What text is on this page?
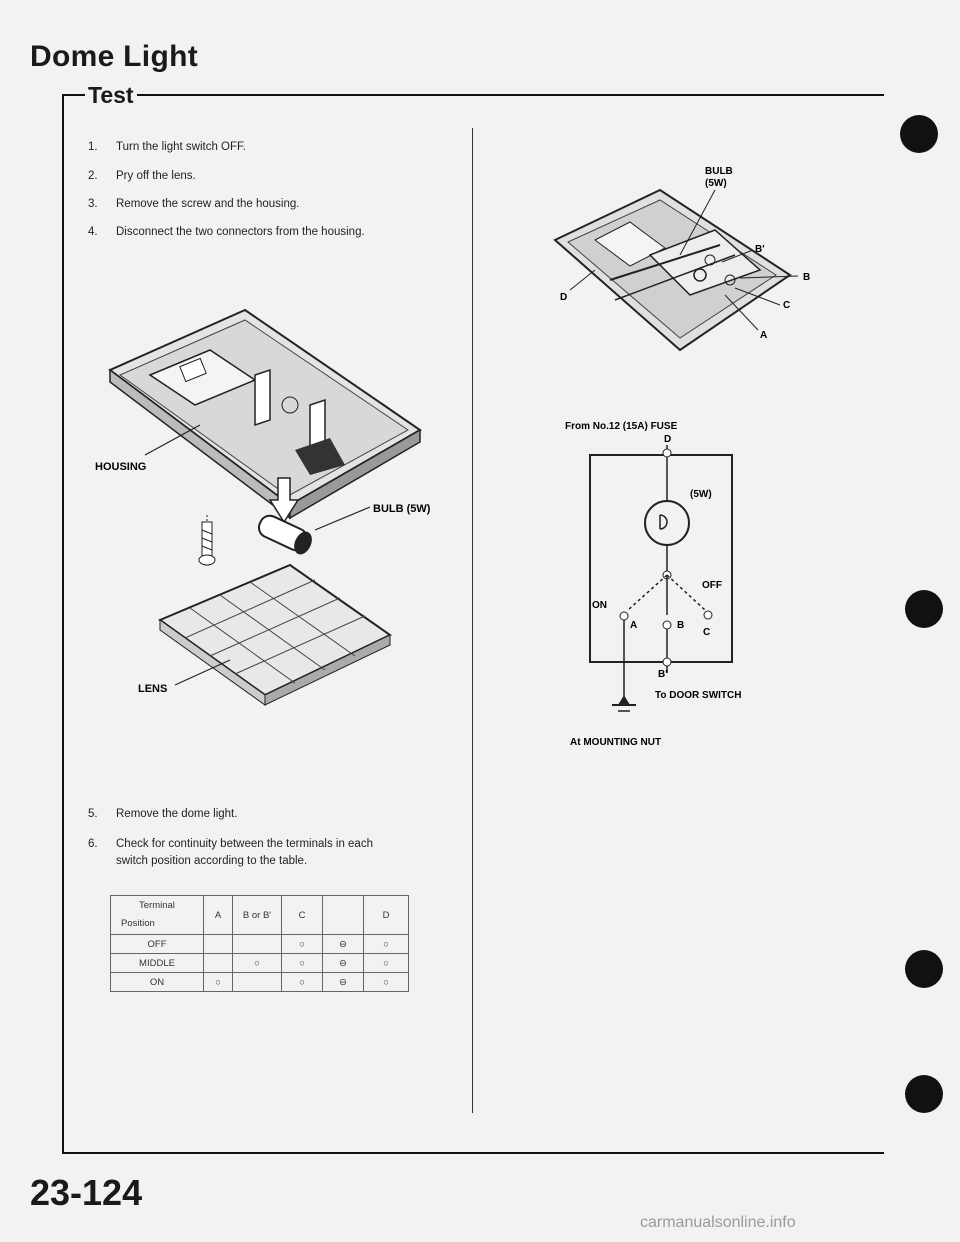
Dome Light
Test
1. Turn the light switch OFF.
2. Pry off the lens.
3. Remove the screw and the housing.
4. Disconnect the two connectors from the housing.
HOUSING
BULB (5W)
LENS
BULB
(5W)
B'
B
C
A
D
From No.12 (15A) FUSE
D
(5W)
ON
OFF
A	B
C
B'
To DOOR SWITCH
At MOUNTING NUT
5. Remove the dome light.
6. Check for continuity between the terminals in each
switch position according to the table.
Terminal
Position	A	B or B'	C		D
OFF			○	⊖	○
MIDDLE		○	○	⊖	○
ON	○		○	⊖	○
23-124
carmanualsonline.info
